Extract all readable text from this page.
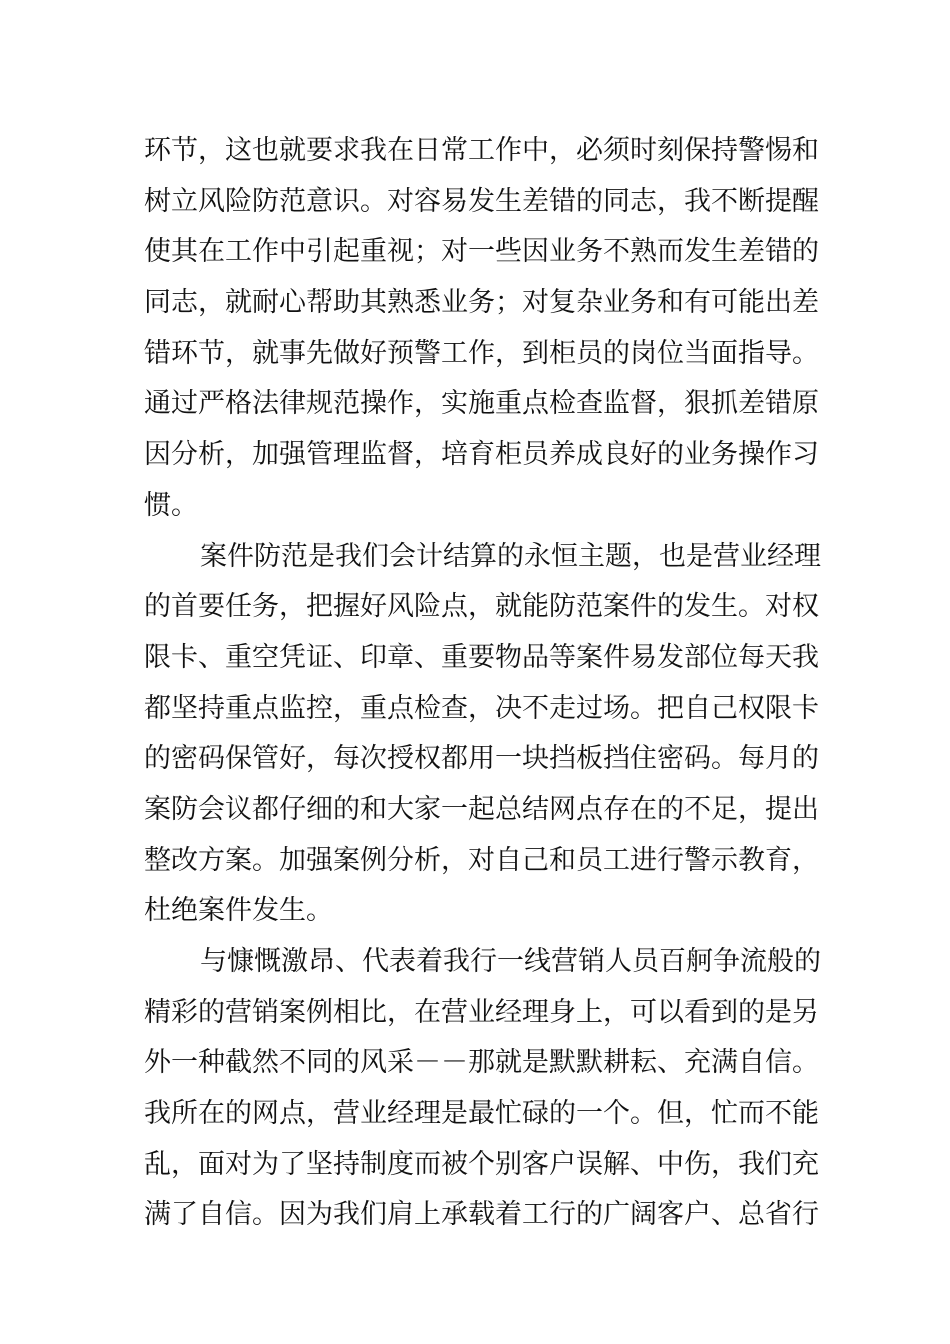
环节，这也就要求我在日常工作中，必须时刻保持警惕和
树立风险防范意识。对容易发生差错的同志，我不断提醒
使其在工作中引起重视；对一些因业务不熟而发生差错的
同志，就耐心帮助其熟悉业务；对复杂业务和有可能出差
错环节，就事先做好预警工作，到柜员的岗位当面指导。
通过严格法律规范操作，实施重点检查监督，狠抓差错原
因分析，加强管理监督，培育柜员养成良好的业务操作习
惯。
案件防范是我们会计结算的永恒主题，也是营业经理
的首要任务，把握好风险点，就能防范案件的发生。对权
限卡、重空凭证、印章、重要物品等案件易发部位每天我
都坚持重点监控，重点检查，决不走过场。把自己权限卡
的密码保管好，每次授权都用一块挡板挡住密码。每月的
案防会议都仔细的和大家一起总结网点存在的不足，提出
整改方案。加强案例分析，对自己和员工进行警示教育，
杜绝案件发生。
与慷慨激昂、代表着我行一线营销人员百舸争流般的
精彩的营销案例相比，在营业经理身上，可以看到的是另
外一种截然不同的风采－－那就是默默耕耘、充满自信。
我所在的网点，营业经理是最忙碌的一个。但，忙而不能
乱，面对为了坚持制度而被个别客户误解、中伤，我们充
满了自信。因为我们肩上承载着工行的广阔客户、总省行
